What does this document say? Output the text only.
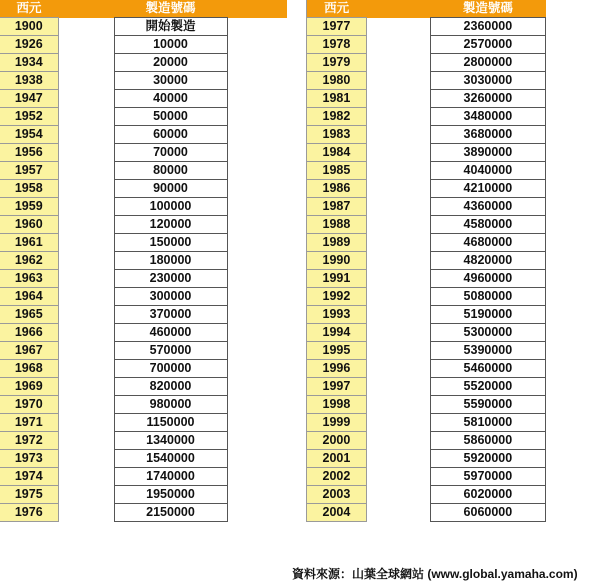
西元		製造號碼	
1900		開始製造	
1926		10000	
1934		20000	
1938		30000	
1947		40000	
1952		50000	
1954		60000	
1956		70000	
1957		80000	
1958		90000	
1959		100000	
1960		120000	
1961		150000	
1962		180000	
1963		230000	
1964		300000	
1965		370000	
1966		460000	
1967		570000	
1968		700000	
1969		820000	
1970		980000	
1971		1150000	
1972		1340000	
1973		1540000	
1974		1740000	
1975		1950000	
1976		2150000	
西元		製造號碼	
1977		2360000	
1978		2570000	
1979		2800000	
1980		3030000	
1981		3260000	
1982		3480000	
1983		3680000	
1984		3890000	
1985		4040000	
1986		4210000	
1987		4360000	
1988		4580000	
1989		4680000	
1990		4820000	
1991		4960000	
1992		5080000	
1993		5190000	
1994		5300000	
1995		5390000	
1996		5460000	
1997		5520000	
1998		5590000	
1999		5810000	
2000		5860000	
2001		5920000	
2002		5970000	
2003		6020000	
2004		6060000	
資料來源：山葉全球網站 (www.global.yamaha.com)
